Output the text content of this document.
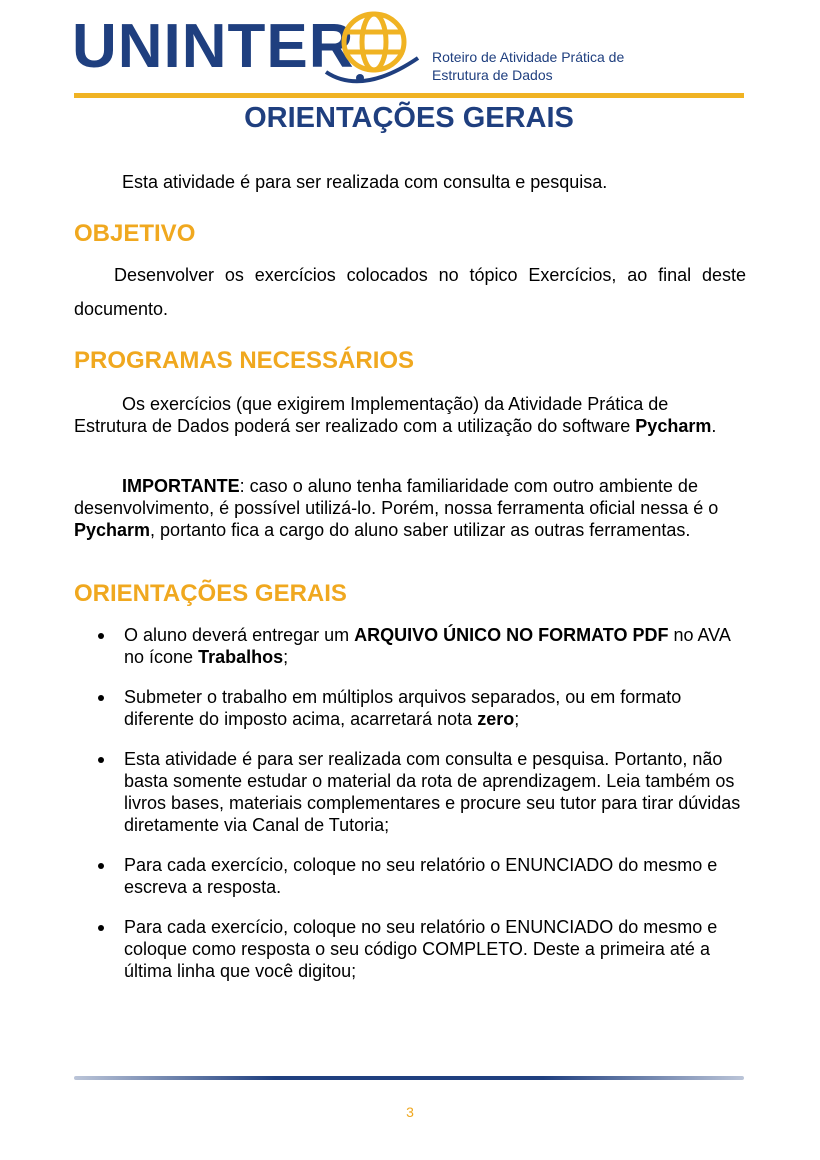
UNINTER	Roteiro de Atividade Prática de
Estrutura de Dados
ORIENTAÇÕES GERAIS
Esta atividade é para ser realizada com consulta e pesquisa.
OBJETIVO
Desenvolver os exercícios colocados no tópico Exercícios, ao final deste
documento.
PROGRAMAS NECESSÁRIOS
Os exercícios (que exigirem Implementação) da Atividade Prática de Estrutura de Dados poderá ser realizado com a utilização do software Pycharm.
IMPORTANTE: caso o aluno tenha familiaridade com outro ambiente de desenvolvimento, é possível utilizá-lo. Porém, nossa ferramenta oficial nessa é o Pycharm, portanto fica a cargo do aluno saber utilizar as outras ferramentas.
ORIENTAÇÕES GERAIS
O aluno deverá entregar um ARQUIVO ÚNICO NO FORMATO PDF no AVA no ícone Trabalhos;
Submeter o trabalho em múltiplos arquivos separados, ou em formato diferente do imposto acima, acarretará nota zero;
Esta atividade é para ser realizada com consulta e pesquisa. Portanto, não basta somente estudar o material da rota de aprendizagem. Leia também os livros bases, materiais complementares e procure seu tutor para tirar dúvidas diretamente via Canal de Tutoria;
Para cada exercício, coloque no seu relatório o ENUNCIADO do mesmo e escreva a resposta.
Para cada exercício, coloque no seu relatório o ENUNCIADO do mesmo e coloque como resposta o seu código COMPLETO. Deste a primeira até a última linha que você digitou;
3
